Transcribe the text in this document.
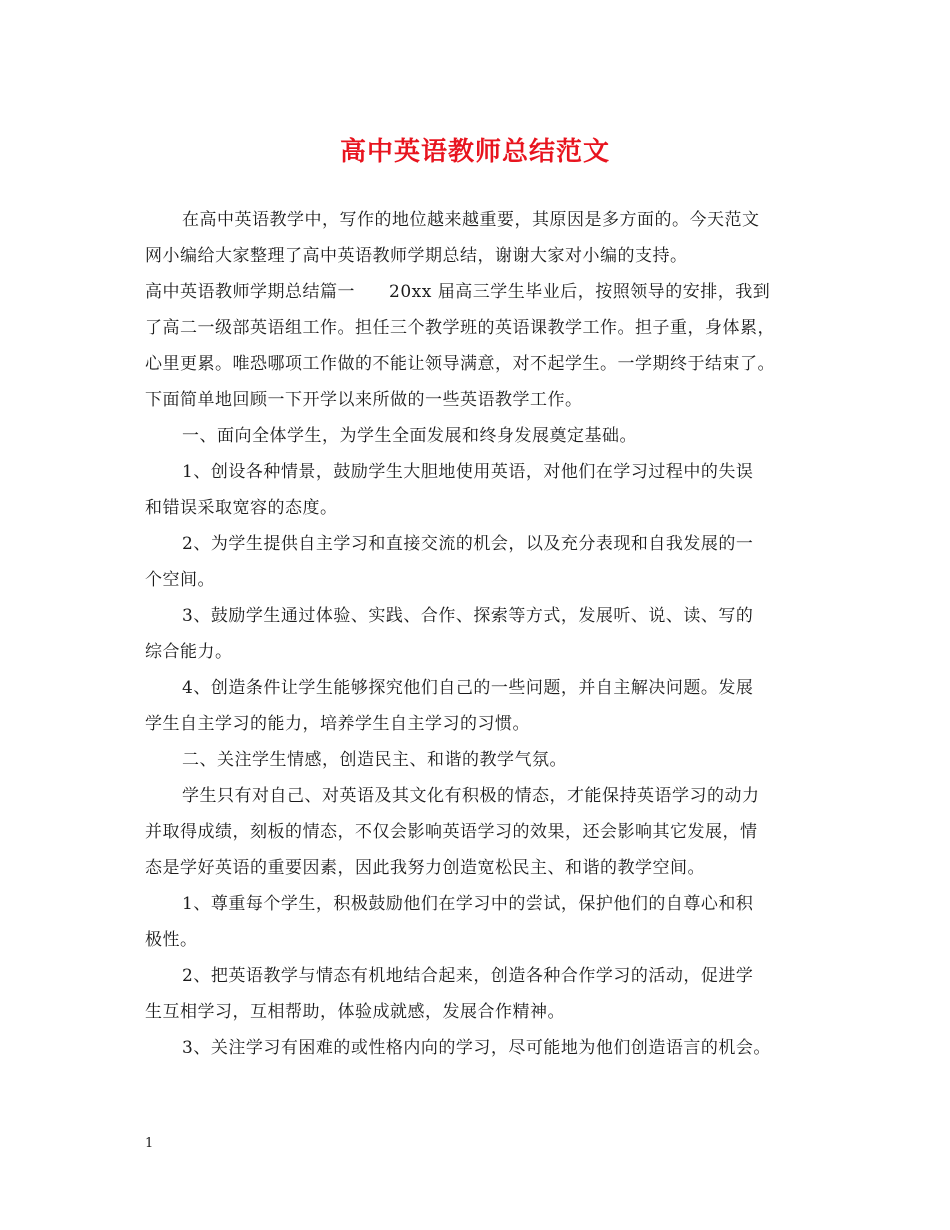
高中英语教师总结范文
在高中英语教学中，写作的地位越来越重要，其原因是多方面的。今天范文
网小编给大家整理了高中英语教师学期总结，谢谢大家对小编的支持。
高中英语教师学期总结篇一 20xx 届高三学生毕业后，按照领导的安排，我到
了高二一级部英语组工作。担任三个教学班的英语课教学工作。担子重，身体累，
心里更累。唯恐哪项工作做的不能让领导满意，对不起学生。一学期终于结束了。
下面简单地回顾一下开学以来所做的一些英语教学工作。
一、面向全体学生，为学生全面发展和终身发展奠定基础。
1、创设各种情景，鼓励学生大胆地使用英语，对他们在学习过程中的失误
和错误采取宽容的态度。
2、为学生提供自主学习和直接交流的机会，以及充分表现和自我发展的一
个空间。
3、鼓励学生通过体验、实践、合作、探索等方式，发展听、说、读、写的
综合能力。
4、创造条件让学生能够探究他们自己的一些问题，并自主解决问题。发展
学生自主学习的能力，培养学生自主学习的习惯。
二、关注学生情感，创造民主、和谐的教学气氛。
学生只有对自己、对英语及其文化有积极的情态，才能保持英语学习的动力
并取得成绩，刻板的情态，不仅会影响英语学习的效果，还会影响其它发展，情
态是学好英语的重要因素，因此我努力创造宽松民主、和谐的教学空间。
1、尊重每个学生，积极鼓励他们在学习中的尝试，保护他们的自尊心和积
极性。
2、把英语教学与情态有机地结合起来，创造各种合作学习的活动，促进学
生互相学习，互相帮助，体验成就感，发展合作精神。
3、关注学习有困难的或性格内向的学习，尽可能地为他们创造语言的机会。
1
